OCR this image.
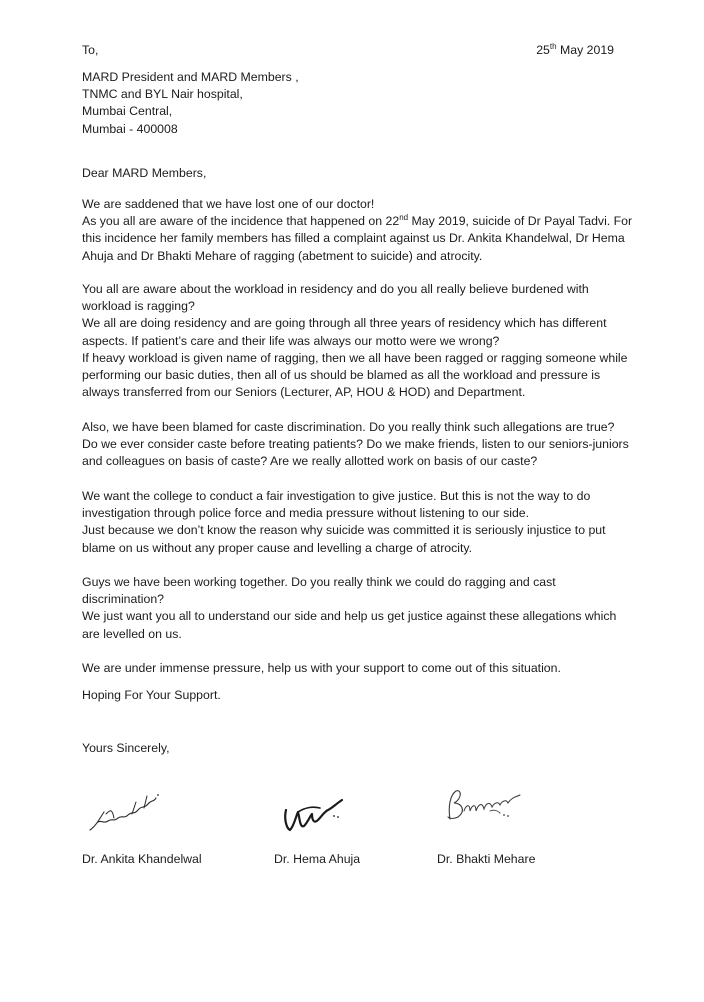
To,	25th May 2019
MARD President and MARD Members ,
TNMC and BYL Nair hospital,
Mumbai Central,
Mumbai - 400008
Dear MARD Members,
We are saddened that we have lost one of our doctor!
As you all are aware of the incidence that happened on 22nd May 2019, suicide of Dr Payal Tadvi. For
this incidence her family members has filled a complaint against us Dr. Ankita Khandelwal, Dr Hema
Ahuja and Dr Bhakti Mehare of ragging (abetment to suicide) and atrocity.
You all are aware about the workload in residency and do you all really believe burdened with
workload is ragging?
We all are doing residency and are going through all three years of residency which has different
aspects. If patient’s care and their life was always our motto were we wrong?
If heavy workload is given name of ragging, then we all have been ragged or ragging someone while
performing our basic duties, then all of us should be blamed as all the workload and pressure is
always transferred from our Seniors (Lecturer, AP, HOU & HOD) and Department.
Also, we have been blamed for caste discrimination. Do you really think such allegations are true?
Do we ever consider caste before treating patients? Do we make friends, listen to our seniors-juniors
and colleagues on basis of caste? Are we really allotted work on basis of our caste?
We want the college to conduct a fair investigation to give justice. But this is not the way to do
investigation through police force and media pressure without listening to our side.
Just because we don’t know the reason why suicide was committed it is seriously injustice to put
blame on us without any proper cause and levelling a charge of atrocity.
Guys we have been working together. Do you really think we could do ragging and cast
discrimination?
We just want you all to understand our side and help us get justice against these allegations which
are levelled on us.
We are under immense pressure, help us with your support to come out of this situation.
Hoping For Your Support.
Yours Sincerely,
Dr. Ankita Khandelwal	Dr. Hema Ahuja	Dr. Bhakti Mehare
